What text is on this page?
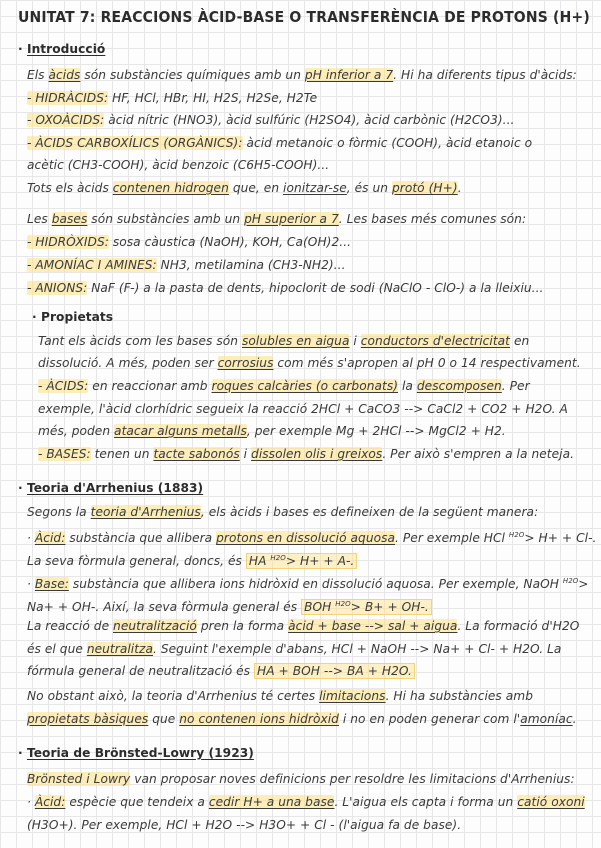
UNITAT 7: REACCIONS ÀCID-BASE O TRANSFERÈNCIA DE PROTONS (H+)
· Introducció
Els àcids són substàncies químiques amb un pH inferior a 7. Hi ha diferents tipus d'àcids:
- HIDRÀCIDS: HF, HCl, HBr, HI, H2S, H2Se, H2Te
- OXOÀCIDS: àcid nítric (HNO3), àcid sulfúric (H2SO4), àcid carbònic (H2CO3)...
- ÀCIDS CARBOXÍLICS (ORGÀNICS): àcid metanoic o fòrmic (COOH), àcid etanoic o
acètic (CH3-COOH), àcid benzoic (C6H5-COOH)...
Tots els àcids contenen hidrogen que, en ionitzar-se, és un protó (H+).
Les bases són substàncies amb un pH superior a 7. Les bases més comunes són:
- HIDRÒXIDS: sosa càustica (NaOH), KOH, Ca(OH)2...
- AMONÍAC I AMINES: NH3, metilamina (CH3-NH2)...
- ANIONS: NaF (F-) a la pasta de dents, hipoclorit de sodi (NaClO - ClO-) a la lleixiu...
· Propietats
Tant els àcids com les bases són solubles en aigua i conductors d'electricitat en
dissolució. A més, poden ser corrosius com més s'apropen al pH 0 o 14 respectivament.
- ÀCIDS: en reaccionar amb roques calcàries (o carbonats) la descomposen. Per
exemple, l'àcid clorhídric segueix la reacció 2HCl + CaCO3 --> CaCl2 + CO2 + H2O. A
més, poden atacar alguns metalls, per exemple Mg + 2HCl --> MgCl2 + H2.
- BASES: tenen un tacte sabonós i dissolen olis i greixos. Per això s'empren a la neteja.
· Teoria d'Arrhenius (1883)
Segons la teoria d'Arrhenius, els àcids i bases es defineixen de la següent manera:
· Àcid: substància que allibera protons en dissolució aquosa. Per exemple HCl $^{H2O}$> H+ + Cl-.
La seva fòrmula general, doncs, és HA $^{H2O}$> H+ + A-.
· Base: substància que allibera ions hidròxid en dissolució aquosa. Per exemple, NaOH $^{H2O}$>
Na+ + OH-. Així, la seva fòrmula general és BOH $^{H2O}$> B+ + OH-.
La reacció de neutralització pren la forma àcid + base --> sal + aigua. La formació d'H2O
és el que neutralitza. Seguint l'exemple d'abans, HCl + NaOH --> Na+ + Cl- + H2O. La
fórmula general de neutralització és HA + BOH --> BA + H2O.
No obstant això, la teoria d'Arrhenius té certes limitacions. Hi ha substàncies amb
propietats bàsiques que no contenen ions hidròxid i no en poden generar com l'amoníac.
· Teoria de Brönsted-Lowry (1923)
Brönsted i Lowry van proposar noves definicions per resoldre les limitacions d'Arrhenius:
· Àcid: espècie que tendeix a cedir H+ a una base. L'aigua els capta i forma un catió oxoni
(H3O+). Per exemple, HCl + H2O --> H3O+ + Cl - (l'aigua fa de base).
